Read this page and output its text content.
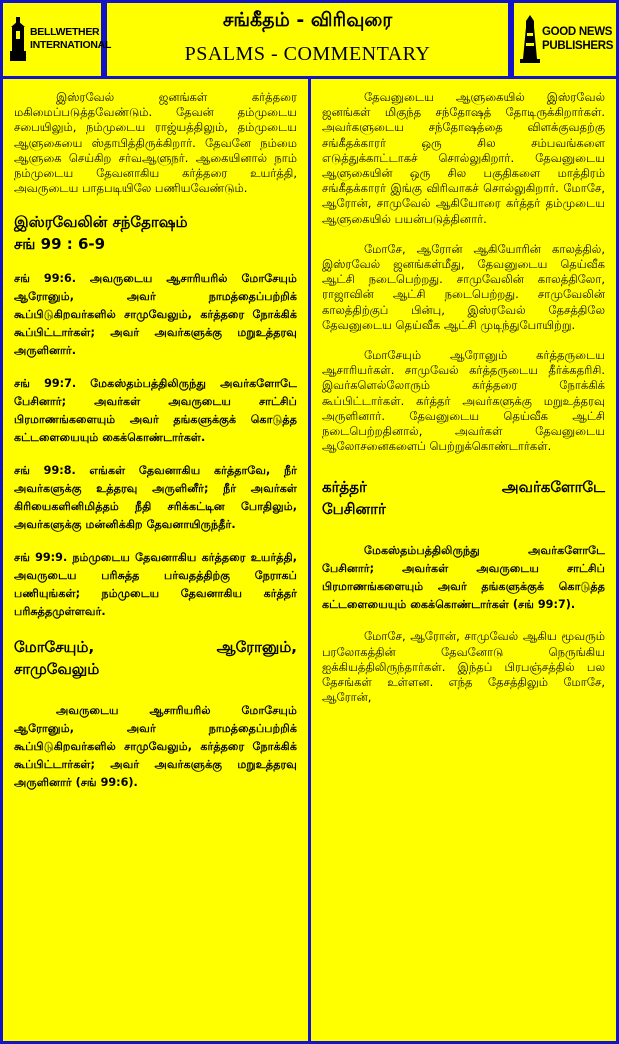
BELLWETHER
INTERNATIONAL
GOOD NEWS
PUBLISHERS
சங்கீதம் - விரிவுரை
PSALMS - COMMENTARY

இஸ்ரவேல் ஜனங்கள் கர்த்தரை மகிமைப்படுத்தவேண்டும். தேவன் தம்முடைய சபையிலும், நம்முடைய ராஜ்யத்திலும், தம்முடைய ஆளுகையை ஸ்தாபித்திருக்கிறார். தேவனே நம்மை ஆளுகை செய்கிற சர்வஆளுநர். ஆகையினால் நாம் நம்முடைய தேவனாகிய கர்த்தரை உயர்த்தி, அவருடைய பாதபடியிலே பணியவேண்டும்.

இஸ்ரவேலின் சந்தோஷம்
சங் 99 : 6-9

சங் 99:6. அவருடைய ஆசாரியரில் மோசேயும் ஆரோனும், அவர் நாமத்தைப்பற்றிக் கூப்பிடுகிறவர்களில் சாமுவேலும், கர்த்தரை நோக்கிக் கூப்பிட்டார்கள்; அவர் அவர்களுக்கு மறுஉத்தரவு அருளினார்.

சங் 99:7. மேகஸ்தம்பத்திலிருந்து அவர்களோடே பேசினார்; அவர்கள் அவருடைய சாட்சிப் பிரமாணங்களையும் அவர் தங்களுக்குக் கொடுத்த கட்டளையையும் கைக்கொண்டார்கள்.

சங் 99:8. எங்கள் தேவனாகிய கர்த்தாவே, நீர் அவர்களுக்கு உத்தரவு அருளினீர்; நீர் அவர்கள் கிரியைகளினிமித்தம் நீதி சரிக்கட்டின போதிலும், அவர்களுக்கு மன்னிக்கிற தேவனாயிருந்தீர்.

சங் 99:9. நம்முடைய தேவனாகிய கர்த்தரை உயர்த்தி, அவருடைய பரிசுத்த பர்வதத்திற்கு நேராகப் பணியுங்கள்; நம்முடைய தேவனாகிய கர்த்தர் பரிசுத்தமுள்ளவர்.

மோசேயும்,	ஆரோனும்,
சாமுவேலும்

அவருடைய ஆசாரியரில் மோசேயும் ஆரோனும், அவர் நாமத்தைப்பற்றிக் கூப்பிடுகிறவர்களில் சாமுவேலும், கர்த்தரை நோக்கிக் கூப்பிட்டார்கள்; அவர் அவர்களுக்கு மறுஉத்தரவு அருளினார் (சங் 99:6).

தேவனுடைய ஆளுகையில் இஸ்ரவேல் ஜனங்கள் மிகுந்த சந்தோஷத் தோடிருக்கிறார்கள். அவர்களுடைய சந்தோஷத்தை விளக்குவதற்கு சங்கீதக்காரர் ஒரு சில சம்பவங்களை எடுத்துக்காட்டாகச் சொல்லுகிறார். தேவனுடைய ஆளுகையின் ஒரு சில பகுதிகளை மாத்திரம் சங்கீதக்காரர் இங்கு விரிவாகச் சொல்லுகிறார். மோசே, ஆரோன், சாமுவேல் ஆகியோரை கர்த்தர் தம்முடைய ஆளுகையில் பயன்படுத்தினார்.

மோசே, ஆரோன் ஆகியோரின் காலத்தில், இஸ்ரவேல் ஜனங்கள்மீது, தேவனுடைய தெய்வீக ஆட்சி நடைபெற்றது. சாமுவேலின் காலத்திலோ, ராஜாவின் ஆட்சி நடைபெற்றது. சாமுவேலின் காலத்திற்குப் பின்பு, இஸ்ரவேல் தேசத்திலே தேவனுடைய தெய்வீக ஆட்சி முடிந்துபோயிற்று.

மோசேயும் ஆரோனும் கர்த்தருடைய ஆசாரியர்கள். சாமுவேல் கர்த்தருடைய தீர்க்கதரிசி. இவர்களெல்லோரும் கர்த்தரை நோக்கிக் கூப்பிட்டார்கள். கர்த்தர் அவர்களுக்கு மறுஉத்தரவு அருளினார். தேவனுடைய தெய்வீக ஆட்சி நடைபெற்றதினால், அவர்கள் தேவனுடைய ஆலோசனைகளைப் பெற்றுக்கொண்டார்கள்.

கர்த்தர்	அவர்களோடே
பேசினார்

மேகஸ்தம்பத்திலிருந்து அவர்களோடே பேசினார்; அவர்கள் அவருடைய சாட்சிப் பிரமாணங்களையும் அவர் தங்களுக்குக் கொடுத்த கட்டளையையும் கைக்கொண்டார்கள் (சங் 99:7).

மோசே, ஆரோன், சாமுவேல் ஆகிய மூவரும் பரலோகத்தின் தேவனோடு நெருங்கிய ஐக்கியத்திலிருந்தார்கள். இந்தப் பிரபஞ்சத்தில் பல தேசங்கள் உள்ளன. எந்த தேசத்திலும் மோசே, ஆரோன்,
